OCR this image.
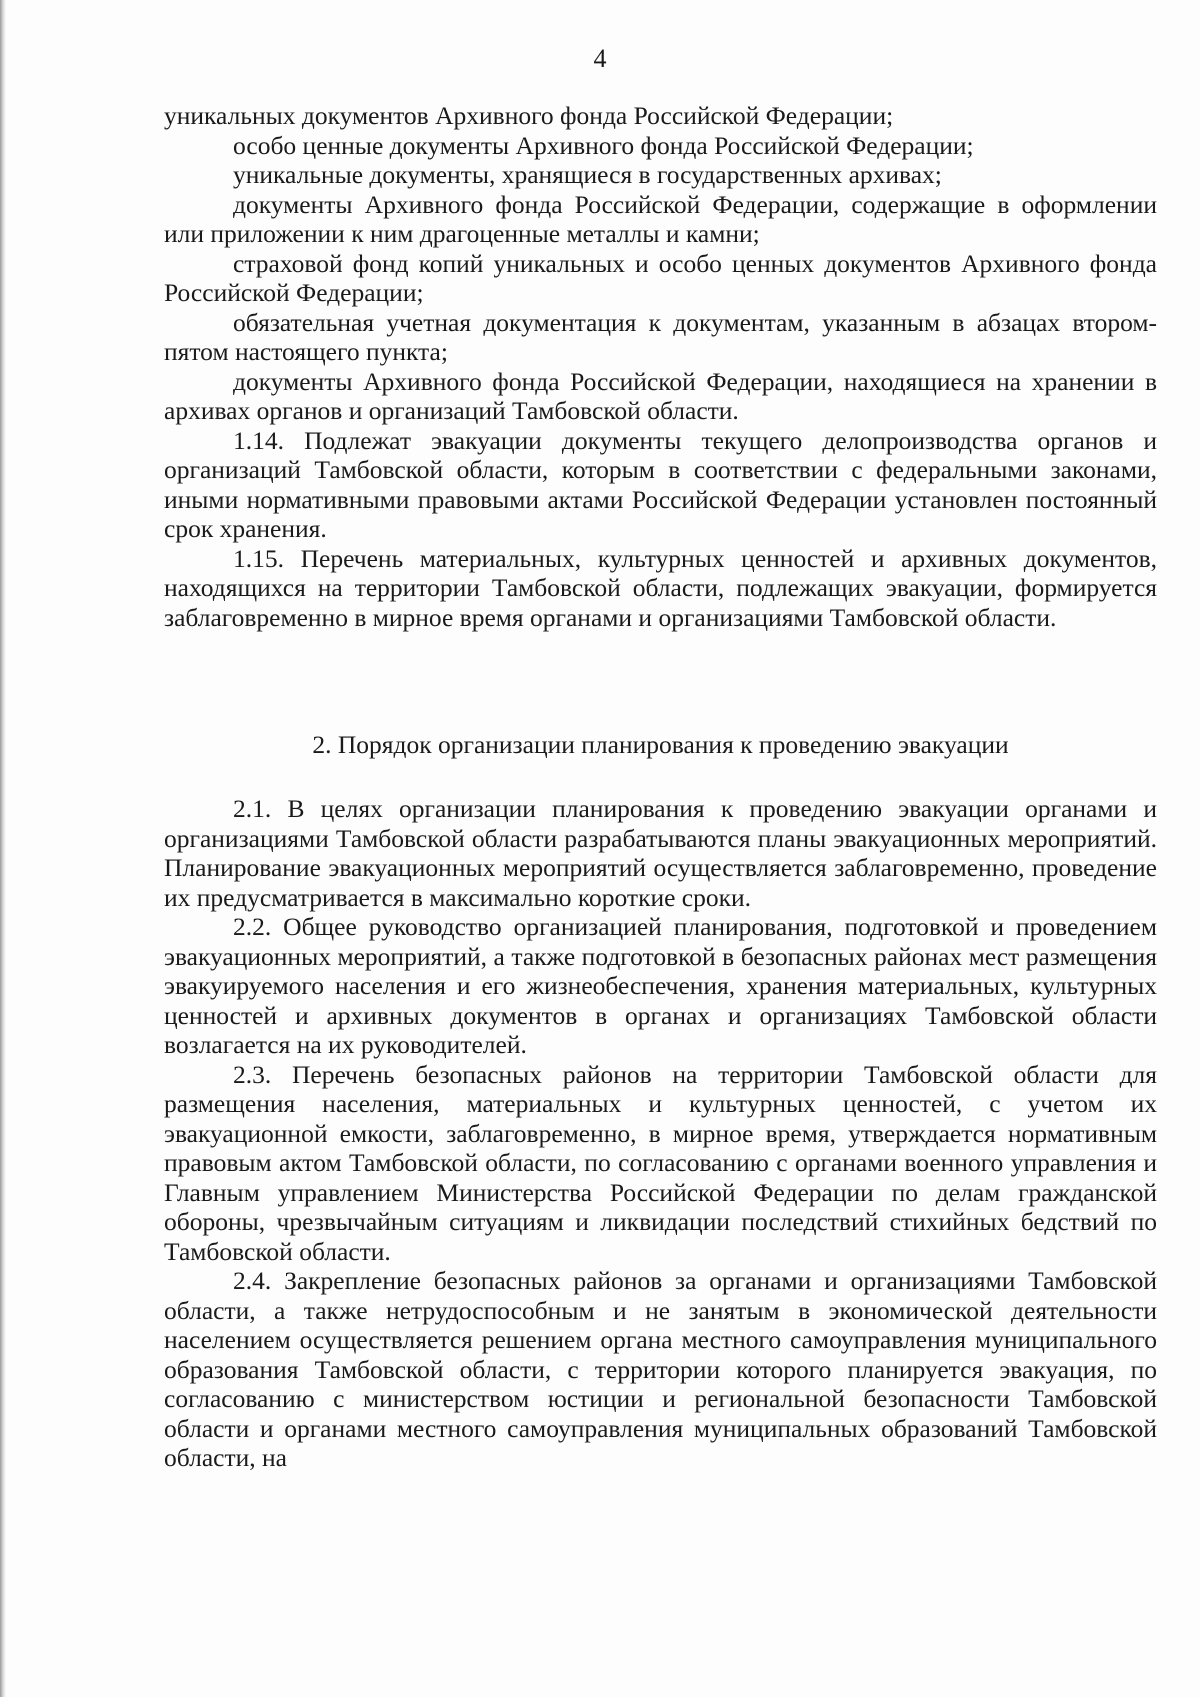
4

уникальных документов Архивного фонда Российской Федерации;

особо ценные документы Архивного фонда Российской Федерации;

уникальные документы, хранящиеся в государственных архивах;

документы Архивного фонда Российской Федерации, содержащие в оформлении или приложении к ним драгоценные металлы и камни;

страховой фонд копий уникальных и особо ценных документов Архивного фонда Российской Федерации;

обязательная учетная документация к документам, указанным в абзацах втором-пятом настоящего пункта;

документы Архивного фонда Российской Федерации, находящиеся на хранении в архивах органов и организаций Тамбовской области.

1.14. Подлежат эвакуации документы текущего делопроизводства органов и организаций Тамбовской области, которым в соответствии с федеральными законами, иными нормативными правовыми актами Российской Федерации установлен постоянный срок хранения.

1.15. Перечень материальных, культурных ценностей и архивных документов, находящихся на территории Тамбовской области, подлежащих эвакуации, формируется заблаговременно в мирное время органами и организациями Тамбовской области.

2. Порядок организации планирования к проведению эвакуации

2.1. В целях организации планирования к проведению эвакуации органами и организациями Тамбовской области разрабатываются планы эвакуационных мероприятий. Планирование эвакуационных мероприятий осуществляется заблаговременно, проведение их предусматривается в максимально короткие сроки.

2.2. Общее руководство организацией планирования, подготовкой и проведением эвакуационных мероприятий, а также подготовкой в безопасных районах мест размещения эвакуируемого населения и его жизнеобеспечения, хранения материальных, культурных ценностей и архивных документов в органах и организациях Тамбовской области возлагается на их руководителей.

2.3. Перечень безопасных районов на территории Тамбовской области для размещения населения, материальных и культурных ценностей, с учетом их эвакуационной емкости, заблаговременно, в мирное время, утверждается нормативным правовым актом Тамбовской области, по согласованию с органами военного управления и Главным управлением Министерства Российской Федерации по делам гражданской обороны, чрезвычайным ситуациям и ликвидации последствий стихийных бедствий по Тамбовской области.

2.4. Закрепление безопасных районов за органами и организациями Тамбовской области, а также нетрудоспособным и не занятым в экономической деятельности населением осуществляется решением органа местного самоуправления муниципального образования Тамбовской области, с территории которого планируется эвакуация, по согласованию с министерством юстиции и региональной безопасности Тамбовской области и органами местного самоуправления муниципальных образований Тамбовской области, на
